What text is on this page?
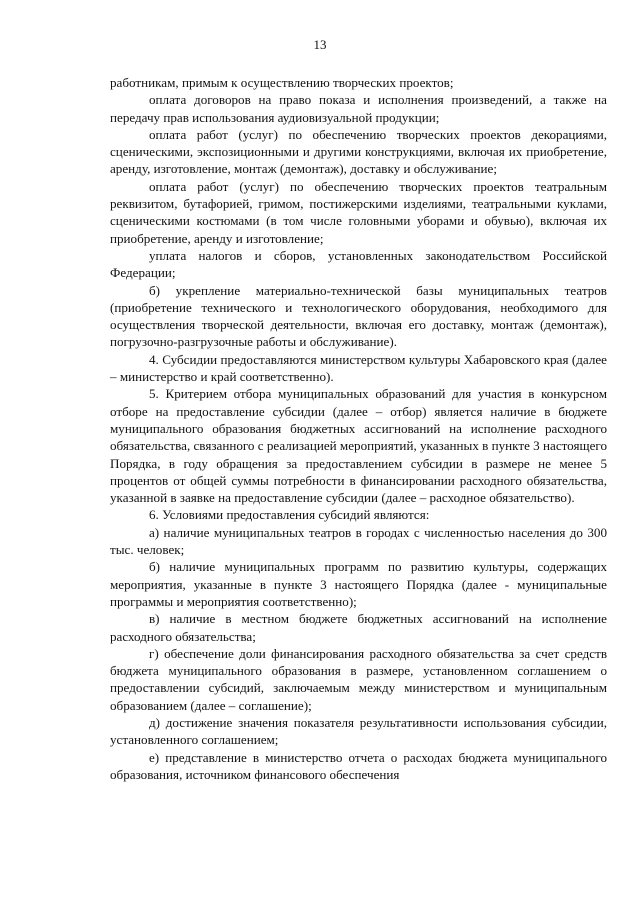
13

работникам, примым к осуществлению творческих проектов;

оплата договоров на право показа и исполнения произведений, а также на передачу прав использования аудиовизуальной продукции;

оплата работ (услуг) по обеспечению творческих проектов декорациями, сценическими, экспозиционными и другими конструкциями, включая их приобретение, аренду, изготовление, монтаж (демонтаж), доставку и обслуживание;

оплата работ (услуг) по обеспечению творческих проектов театральным реквизитом, бутафорией, гримом, постижерскими изделиями, театральными куклами, сценическими костюмами (в том числе головными уборами и обувью), включая их приобретение, аренду и изготовление;

уплата налогов и сборов, установленных законодательством Российской Федерации;

б) укрепление материально-технической базы муниципальных театров (приобретение технического и технологического оборудования, необходимого для осуществления творческой деятельности, включая его доставку, монтаж (демонтаж), погрузочно-разгрузочные работы и обслуживание).

4. Субсидии предоставляются министерством культуры Хабаровского края (далее – министерство и край соответственно).

5. Критерием отбора муниципальных образований для участия в конкурсном отборе на предоставление субсидии (далее – отбор) является наличие в бюджете муниципального образования бюджетных ассигнований на исполнение расходного обязательства, связанного с реализацией мероприятий, указанных в пункте 3 настоящего Порядка, в году обращения за предоставлением субсидии в размере не менее 5 процентов от общей суммы потребности в финансировании расходного обязательства, указанной в заявке на предоставление субсидии (далее – расходное обязательство).

6. Условиями предоставления субсидий являются:

а) наличие муниципальных театров в городах с численностью населения до 300 тыс. человек;

б) наличие муниципальных программ по развитию культуры, содержащих мероприятия, указанные в пункте 3 настоящего Порядка (далее - муниципальные программы и мероприятия соответственно);

в) наличие в местном бюджете бюджетных ассигнований на исполнение расходного обязательства;

г) обеспечение доли финансирования расходного обязательства за счет средств бюджета муниципального образования в размере, установленном соглашением о предоставлении субсидий, заключаемым между министерством и муниципальным образованием (далее – соглашение);

д) достижение значения показателя результативности использования субсидии, установленного соглашением;

е) представление в министерство отчета о расходах бюджета муниципального образования, источником финансового обеспечения
